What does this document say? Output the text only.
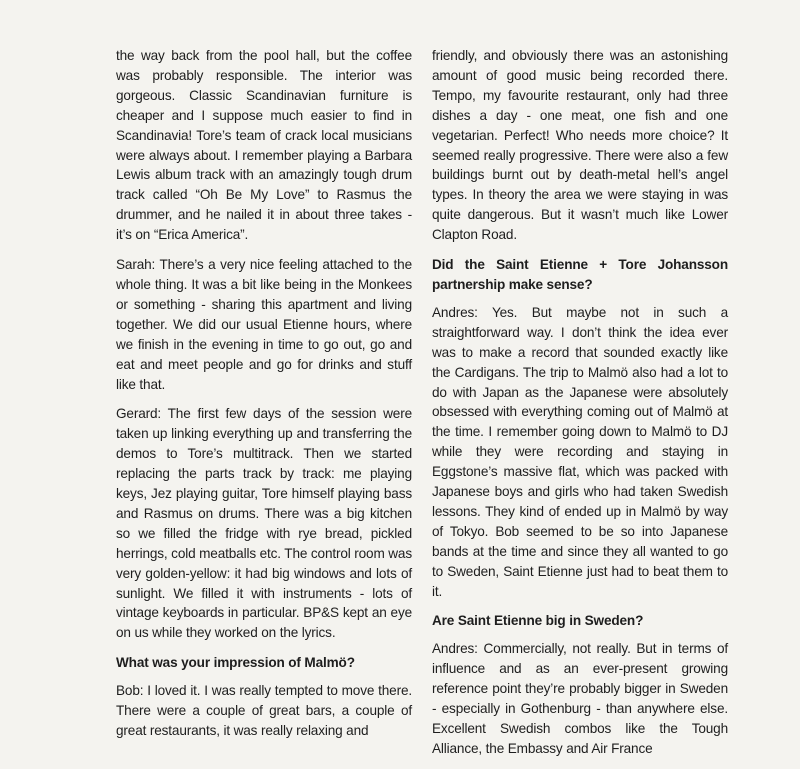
the way back from the pool hall, but the coffee was probably responsible. The interior was gorgeous. Classic Scandinavian furniture is cheaper and I suppose much easier to find in Scandinavia! Tore’s team of crack local musicians were always about. I remember playing a Barbara Lewis album track with an amazingly tough drum track called “Oh Be My Love” to Rasmus the drummer, and he nailed it in about three takes - it’s on “Erica America”.

Sarah: There’s a very nice feeling attached to the whole thing. It was a bit like being in the Monkees or something - sharing this apartment and living together. We did our usual Etienne hours, where we finish in the evening in time to go out, go and eat and meet people and go for drinks and stuff like that.

Gerard: The first few days of the session were taken up linking everything up and transferring the demos to Tore’s multitrack. Then we started replacing the parts track by track: me playing keys, Jez playing guitar, Tore himself playing bass and Rasmus on drums. There was a big kitchen so we filled the fridge with rye bread, pickled herrings, cold meatballs etc. The control room was very golden-yellow: it had big windows and lots of sunlight. We filled it with instruments - lots of vintage keyboards in particular. BP&S kept an eye on us while they worked on the lyrics.

What was your impression of Malmö?

Bob: I loved it. I was really tempted to move there. There were a couple of great bars, a couple of great restaurants, it was really relaxing and

friendly, and obviously there was an astonishing amount of good music being recorded there. Tempo, my favourite restaurant, only had three dishes a day - one meat, one fish and one vegetarian. Perfect! Who needs more choice? It seemed really progressive. There were also a few buildings burnt out by death-metal hell’s angel types. In theory the area we were staying in was quite dangerous. But it wasn’t much like Lower Clapton Road.

Did the Saint Etienne + Tore Johansson partnership make sense?

Andres: Yes. But maybe not in such a straightforward way. I don’t think the idea ever was to make a record that sounded exactly like the Cardigans. The trip to Malmö also had a lot to do with Japan as the Japanese were absolutely obsessed with everything coming out of Malmö at the time. I remember going down to Malmö to DJ while they were recording and staying in Eggstone’s massive flat, which was packed with Japanese boys and girls who had taken Swedish lessons. They kind of ended up in Malmö by way of Tokyo. Bob seemed to be so into Japanese bands at the time and since they all wanted to go to Sweden, Saint Etienne just had to beat them to it.

Are Saint Etienne big in Sweden?

Andres: Commercially, not really. But in terms of influence and as an ever-present growing reference point they’re probably bigger in Sweden - especially in Gothenburg - than anywhere else. Excellent Swedish combos like the Tough Alliance, the Embassy and Air France
